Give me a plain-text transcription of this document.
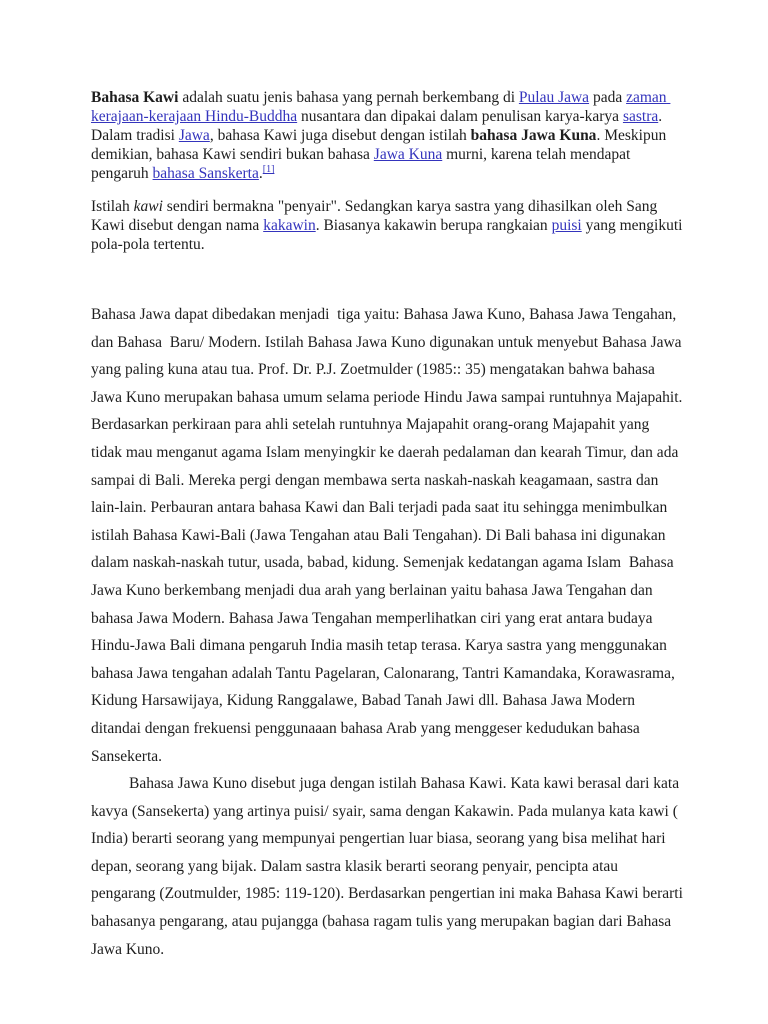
Bahasa Kawi adalah suatu jenis bahasa yang pernah berkembang di Pulau Jawa pada zaman kerajaan-kerajaan Hindu-Buddha nusantara dan dipakai dalam penulisan karya-karya sastra. Dalam tradisi Jawa, bahasa Kawi juga disebut dengan istilah bahasa Jawa Kuna. Meskipun demikian, bahasa Kawi sendiri bukan bahasa Jawa Kuna murni, karena telah mendapat pengaruh bahasa Sanskerta.[1]

Istilah kawi sendiri bermakna "penyair". Sedangkan karya sastra yang dihasilkan oleh Sang Kawi disebut dengan nama kakawin. Biasanya kakawin berupa rangkaian puisi yang mengikuti pola-pola tertentu.

Bahasa Jawa dapat dibedakan menjadi  tiga yaitu: Bahasa Jawa Kuno, Bahasa Jawa Tengahan, dan Bahasa  Baru/ Modern. Istilah Bahasa Jawa Kuno digunakan untuk menyebut Bahasa Jawa yang paling kuna atau tua. Prof. Dr. P.J. Zoetmulder (1985:: 35) mengatakan bahwa bahasa Jawa Kuno merupakan bahasa umum selama periode Hindu Jawa sampai runtuhnya Majapahit. Berdasarkan perkiraan para ahli setelah runtuhnya Majapahit orang-orang Majapahit yang tidak mau menganut agama Islam menyingkir ke daerah pedalaman dan kearah Timur, dan ada sampai di Bali. Mereka pergi dengan membawa serta naskah-naskah keagamaan, sastra dan lain-lain. Perbauran antara bahasa Kawi dan Bali terjadi pada saat itu sehingga menimbulkan istilah Bahasa Kawi-Bali (Jawa Tengahan atau Bali Tengahan). Di Bali bahasa ini digunakan dalam naskah-naskah tutur, usada, babad, kidung. Semenjak kedatangan agama Islam  Bahasa Jawa Kuno berkembang menjadi dua arah yang berlainan yaitu bahasa Jawa Tengahan dan bahasa Jawa Modern. Bahasa Jawa Tengahan memperlihatkan ciri yang erat antara budaya Hindu-Jawa Bali dimana pengaruh India masih tetap terasa. Karya sastra yang menggunakan bahasa Jawa tengahan adalah Tantu Pagelaran, Calonarang, Tantri Kamandaka, Korawasrama, Kidung Harsawijaya, Kidung Ranggalawe, Babad Tanah Jawi dll. Bahasa Jawa Modern ditandai dengan frekuensi penggunaaan bahasa Arab yang menggeser kedudukan bahasa Sansekerta.

Bahasa Jawa Kuno disebut juga dengan istilah Bahasa Kawi. Kata kawi berasal dari kata kavya (Sansekerta) yang artinya puisi/ syair, sama dengan Kakawin. Pada mulanya kata kawi ( India) berarti seorang yang mempunyai pengertian luar biasa, seorang yang bisa melihat hari depan, seorang yang bijak. Dalam sastra klasik berarti seorang penyair, pencipta atau pengarang (Zoutmulder, 1985: 119-120). Berdasarkan pengertian ini maka Bahasa Kawi berarti bahasanya pengarang, atau pujangga (bahasa ragam tulis yang merupakan bagian dari Bahasa Jawa Kuno.
